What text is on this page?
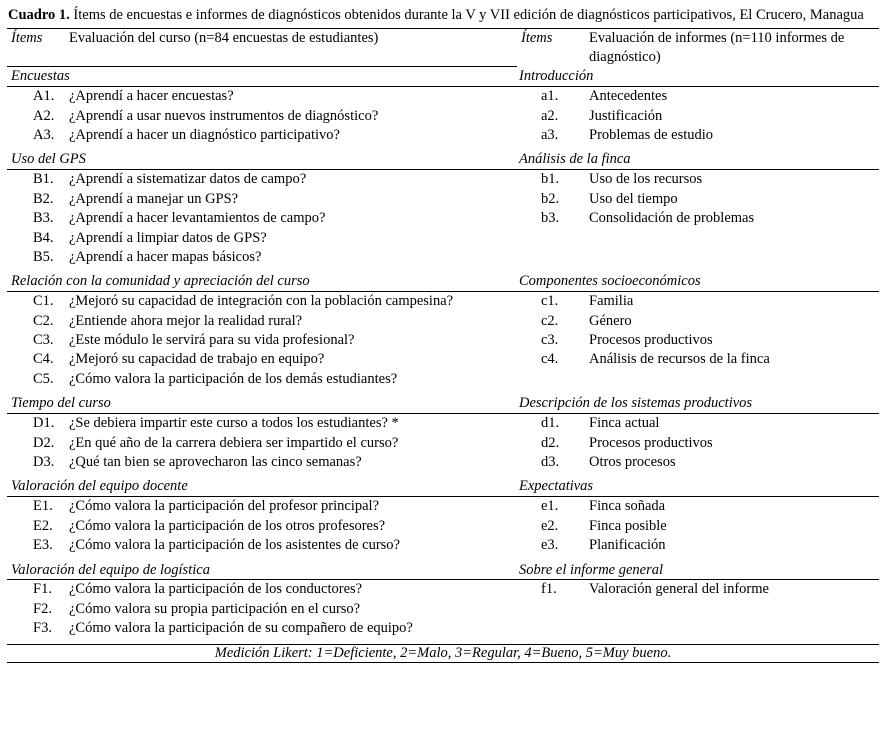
Cuadro 1. Ítems de encuestas e informes de diagnósticos obtenidos durante la V y VII edición de diagnósticos participativos, El Crucero, Managua
Ítems	Evaluación del curso (n=84 encuestas de estudiantes)	Ítems	Evaluación de informes (n=110 informes de diagnóstico)
Encuestas		Introducción	
A1.	¿Aprendí a hacer encuestas?	a1.	Antecedentes
A2.	¿Aprendí a usar nuevos instrumentos de diagnóstico?	a2.	Justificación
A3.	¿Aprendí a hacer un diagnóstico participativo?	a3.	Problemas de estudio

Uso del GPS		Análisis de la finca	
B1.	¿Aprendí a sistematizar datos de campo?	b1.	Uso de los recursos
B2.	¿Aprendí a manejar un GPS?	b2.	Uso del tiempo
B3.	¿Aprendí a hacer levantamientos de campo?	b3.	Consolidación de problemas
B4.	¿Aprendí a limpiar datos de GPS?		
B5.	¿Aprendí a hacer mapas básicos?		

Relación con la comunidad y apreciación del curso		Componentes socioeconómicos	
C1.	¿Mejoró su capacidad de integración con la población campesina?	c1.	Familia
C2.	¿Entiende ahora mejor la realidad rural?	c2.	Género
C3.	¿Este módulo le servirá para su vida profesional?	c3.	Procesos productivos
C4.	¿Mejoró su capacidad de trabajo en equipo?	c4.	Análisis de recursos de la finca
C5.	¿Cómo valora la participación de los demás estudiantes?		

Tiempo del curso		Descripción de los sistemas productivos	
D1.	¿Se debiera impartir este curso a todos los estudiantes? *	d1.	Finca actual
D2.	¿En qué año de la carrera debiera ser impartido el curso?	d2.	Procesos productivos
D3.	¿Qué tan bien se aprovecharon las cinco semanas?	d3.	Otros procesos

Valoración del equipo docente		Expectativas	
E1.	¿Cómo valora la participación del profesor principal?	e1.	Finca soñada
E2.	¿Cómo valora la participación de los otros profesores?	e2.	Finca posible
E3.	¿Cómo valora la participación de los asistentes de curso?	e3.	Planificación

Valoración del equipo de logística		Sobre el informe general	
F1.	¿Cómo valora la participación de los conductores?	f1.	Valoración general del informe
F2.	¿Cómo valora su propia participación en el curso?		
F3.	¿Cómo valora la participación de su compañero de equipo?		

Medición Likert: 1=Deficiente, 2=Malo, 3=Regular, 4=Bueno, 5=Muy bueno.			
